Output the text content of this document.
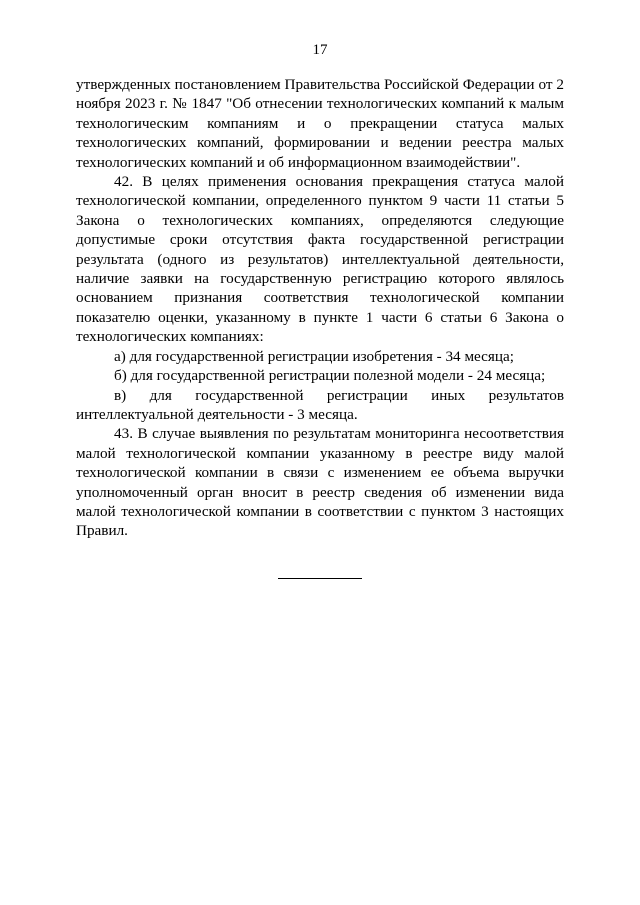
17

утвержденных постановлением Правительства Российской Федерации от 2 ноября 2023 г. № 1847 "Об отнесении технологических компаний к малым технологическим компаниям и о прекращении статуса малых технологических компаний, формировании и ведении реестра малых технологических компаний и об информационном взаимодействии".

42. В целях применения основания прекращения статуса малой технологической компании, определенного пунктом 9 части 11 статьи 5 Закона о технологических компаниях, определяются следующие допустимые сроки отсутствия факта государственной регистрации результата (одного из результатов) интеллектуальной деятельности, наличие заявки на государственную регистрацию которого являлось основанием признания соответствия технологической компании показателю оценки, указанному в пункте 1 части 6 статьи 6 Закона о технологических компаниях:

а) для государственной регистрации изобретения - 34 месяца;

б) для государственной регистрации полезной модели - 24 месяца;

в) для государственной регистрации иных результатов интеллектуальной деятельности - 3 месяца.

43. В случае выявления по результатам мониторинга несоответствия малой технологической компании указанному в реестре виду малой технологической компании в связи с изменением ее объема выручки уполномоченный орган вносит в реестр сведения об изменении вида малой технологической компании в соответствии с пунктом 3 настоящих Правил.
